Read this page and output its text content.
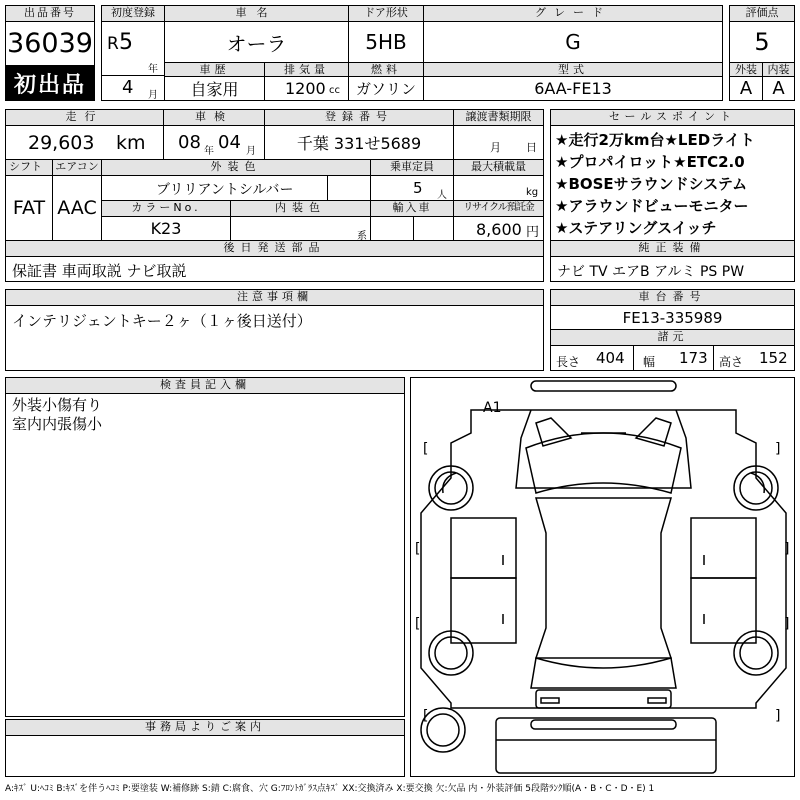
出品番号
36039
初出品
初度登録
R 5
年
4 月
車名
オーラ
ドア形状
5HB
グレード
G
評価点
5
車歴
自家用
排気量
1200 cc
燃料
ガソリン
型式
6AA-FE13
外装
A
内装
A
走行
29,603 km
車検
08 年 04 月
登録番号
千葉 331せ5689
譲渡書類期限
月 日
シフト
FAT
エアコン
AAC
外装色
ブリリアントシルバー
乗車定員
5 人
最大積載量
kg
カラーNo.
K23
内装色
系
輸入車	リサイクル預託金
8,600 円
セールスポイント
★走行2万km台★LEDライト
★プロパイロット★ETC2.0
★BOSEサラウンドシステム
★アラウンドビューモニター
★ステアリングスイッチ
後日発送部品
保証書 車両取説 ナビ取説
純正装備
ナビ TV エアB アルミ PS PW
注意事項欄
インテリジェントキー２ヶ（１ヶ後日送付）
車台番号
FE13-335989
諸元
長さ 404 幅 173 高さ 152
検査員記入欄
外装小傷有り
室内内張傷小
事務局よりご案内
[	]
[	]
[	]
[	]
A1
A:ｷｽﾞ U:ﾍｺﾐ B:ｷｽﾞを伴うﾍｺﾐ P:要塗装 W:補修跡 S:錆 C:腐食、穴 G:ﾌﾛﾝﾄｶﾞﾗｽ点ｷｽﾞ XX:交換済み X:要交換 欠:欠品 内・外装評価 5段階ﾗﾝｸ順(A・B・C・D・E) 1
